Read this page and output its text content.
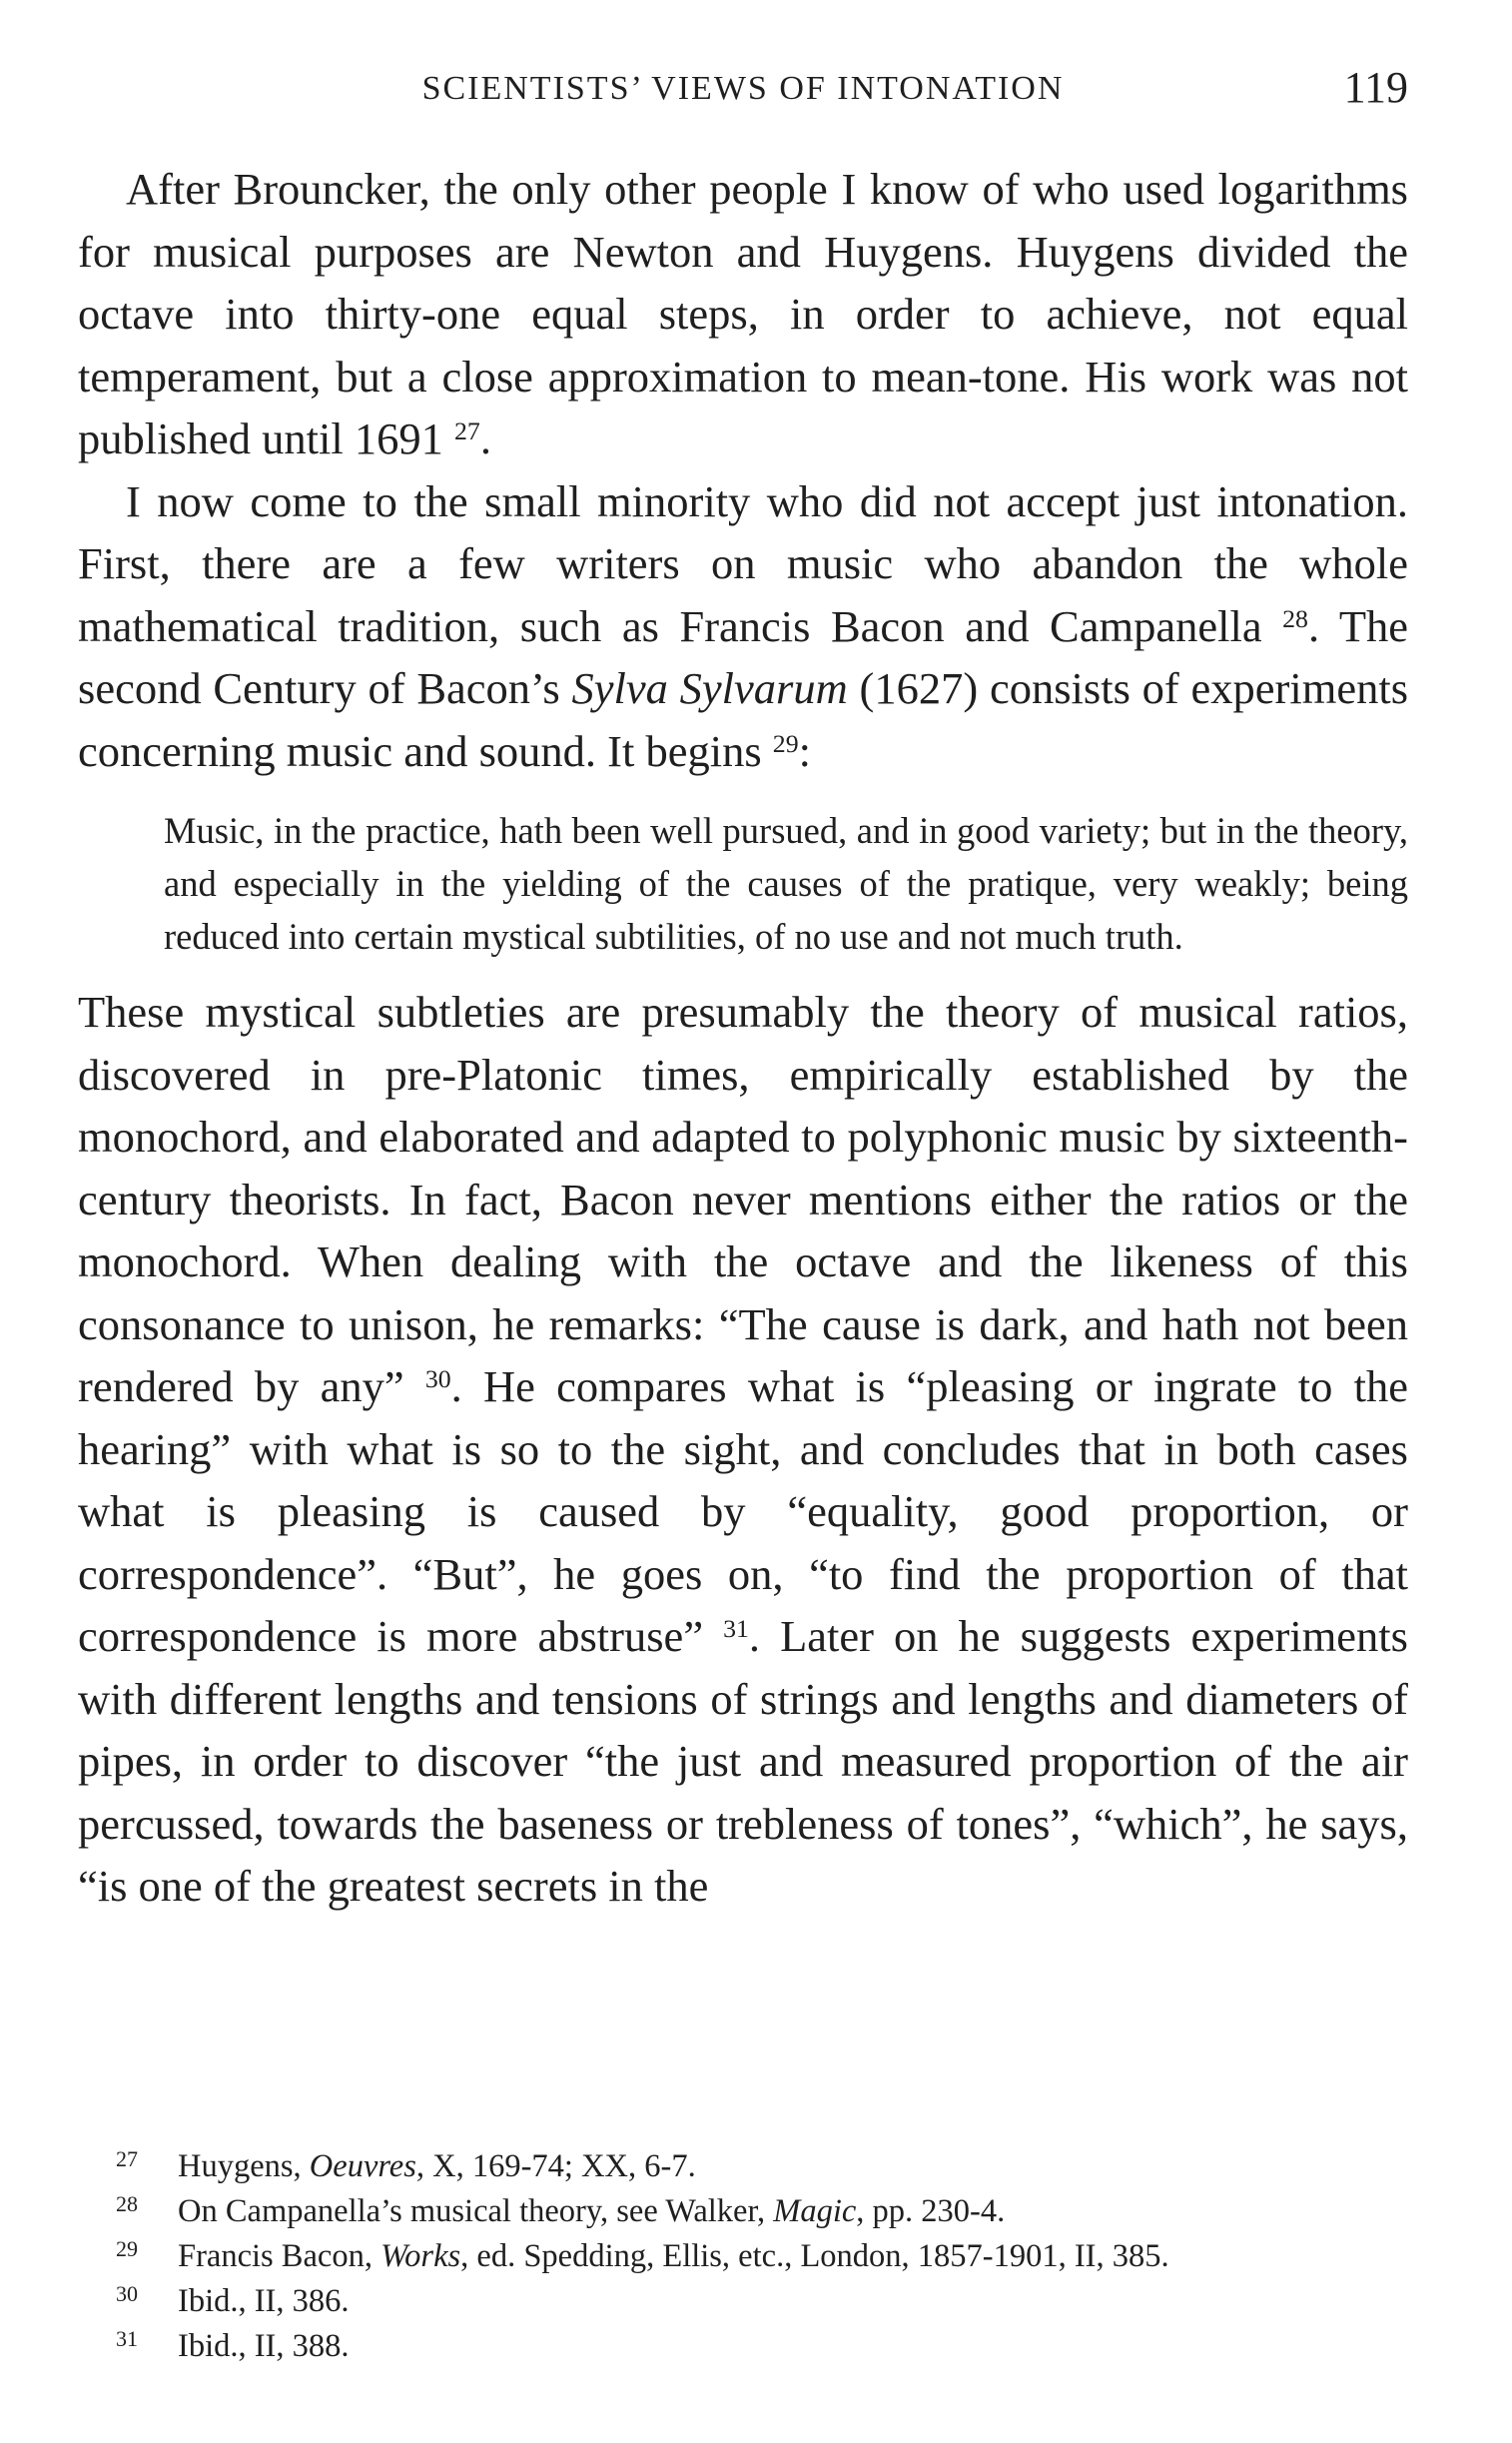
SCIENTISTS’ VIEWS OF INTONATION	119

After Brouncker, the only other people I know of who used logarithms for musical purposes are Newton and Huygens. Huygens divided the octave into thirty-one equal steps, in order to achieve, not equal temperament, but a close approximation to mean-tone. His work was not published until 1691 $^{27}$.

I now come to the small minority who did not accept just intonation. First, there are a few writers on music who abandon the whole mathematical tradition, such as Francis Bacon and Campanella $^{28}$. The second Century of Bacon’s Sylva Sylvarum (1627) consists of experiments concerning music and sound. It begins $^{29}$:

Music, in the practice, hath been well pursued, and in good variety; but in the theory, and especially in the yielding of the causes of the pratique, very weakly; being reduced into certain mystical subtilities, of no use and not much truth.

These mystical subtleties are presumably the theory of musical ratios, discovered in pre-Platonic times, empirically established by the monochord, and elaborated and adapted to polyphonic music by sixteenth-century theorists. In fact, Bacon never mentions either the ratios or the monochord. When dealing with the octave and the likeness of this consonance to unison, he remarks: “The cause is dark, and hath not been rendered by any” $^{30}$. He compares what is “pleasing or ingrate to the hearing” with what is so to the sight, and concludes that in both cases what is pleasing is caused by “equality, good proportion, or correspondence”. “But”, he goes on, “to find the proportion of that correspondence is more abstruse” $^{31}$. Later on he suggests experiments with different lengths and tensions of strings and lengths and diameters of pipes, in order to discover “the just and measured proportion of the air percussed, towards the baseness or trebleness of tones”, “which”, he says, “is one of the greatest secrets in the

27	Huygens, Oeuvres, X, 169-74; XX, 6-7.
28	On Campanella’s musical theory, see Walker, Magic, pp. 230-4.
29	Francis Bacon, Works, ed. Spedding, Ellis, etc., London, 1857-1901, II, 385.
30	Ibid., II, 386.
31	Ibid., II, 388.
